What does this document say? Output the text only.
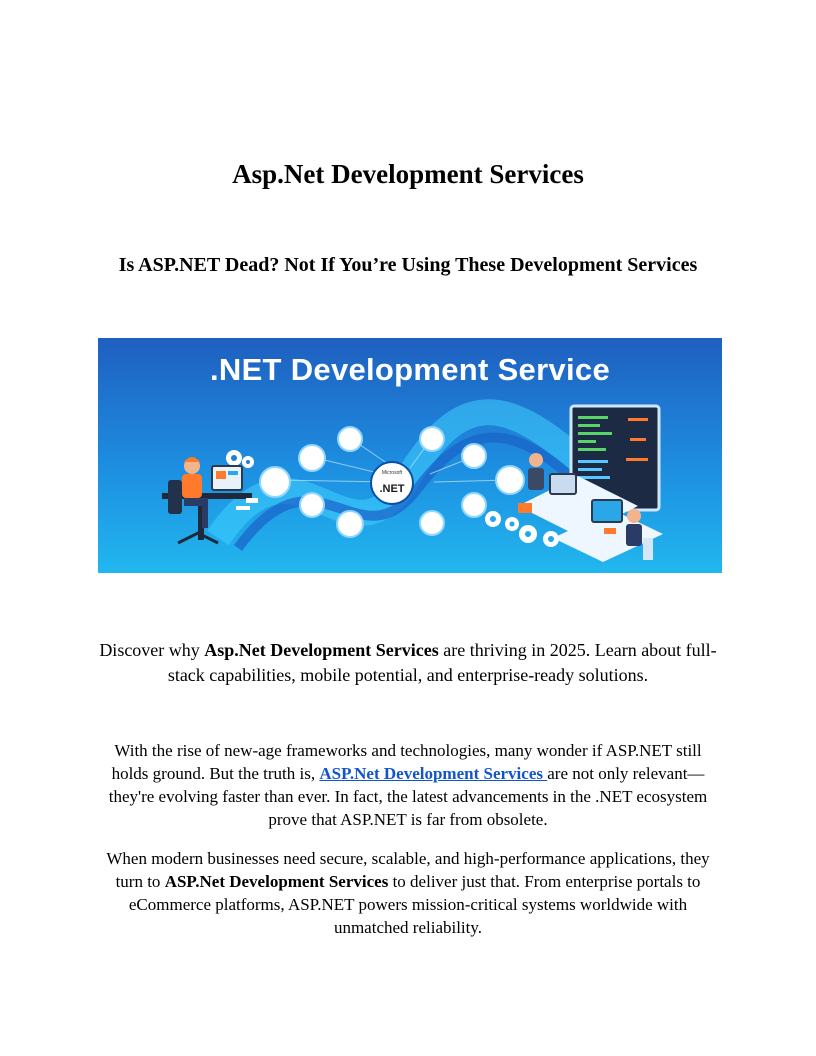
Asp.Net Development Services
Is ASP.NET Dead? Not If You’re Using These Development Services
Microsoft
.NET
.NET Development Service

Discover why Asp.Net Development Services are thriving in 2025. Learn about full-stack capabilities, mobile potential, and enterprise-ready solutions.

With the rise of new-age frameworks and technologies, many wonder if ASP.NET still holds ground. But the truth is, ASP.Net Development Services are not only relevant—they're evolving faster than ever. In fact, the latest advancements in the .NET ecosystem prove that ASP.NET is far from obsolete.

When modern businesses need secure, scalable, and high-performance applications, they turn to ASP.Net Development Services to deliver just that. From enterprise portals to eCommerce platforms, ASP.NET powers mission-critical systems worldwide with unmatched reliability.
